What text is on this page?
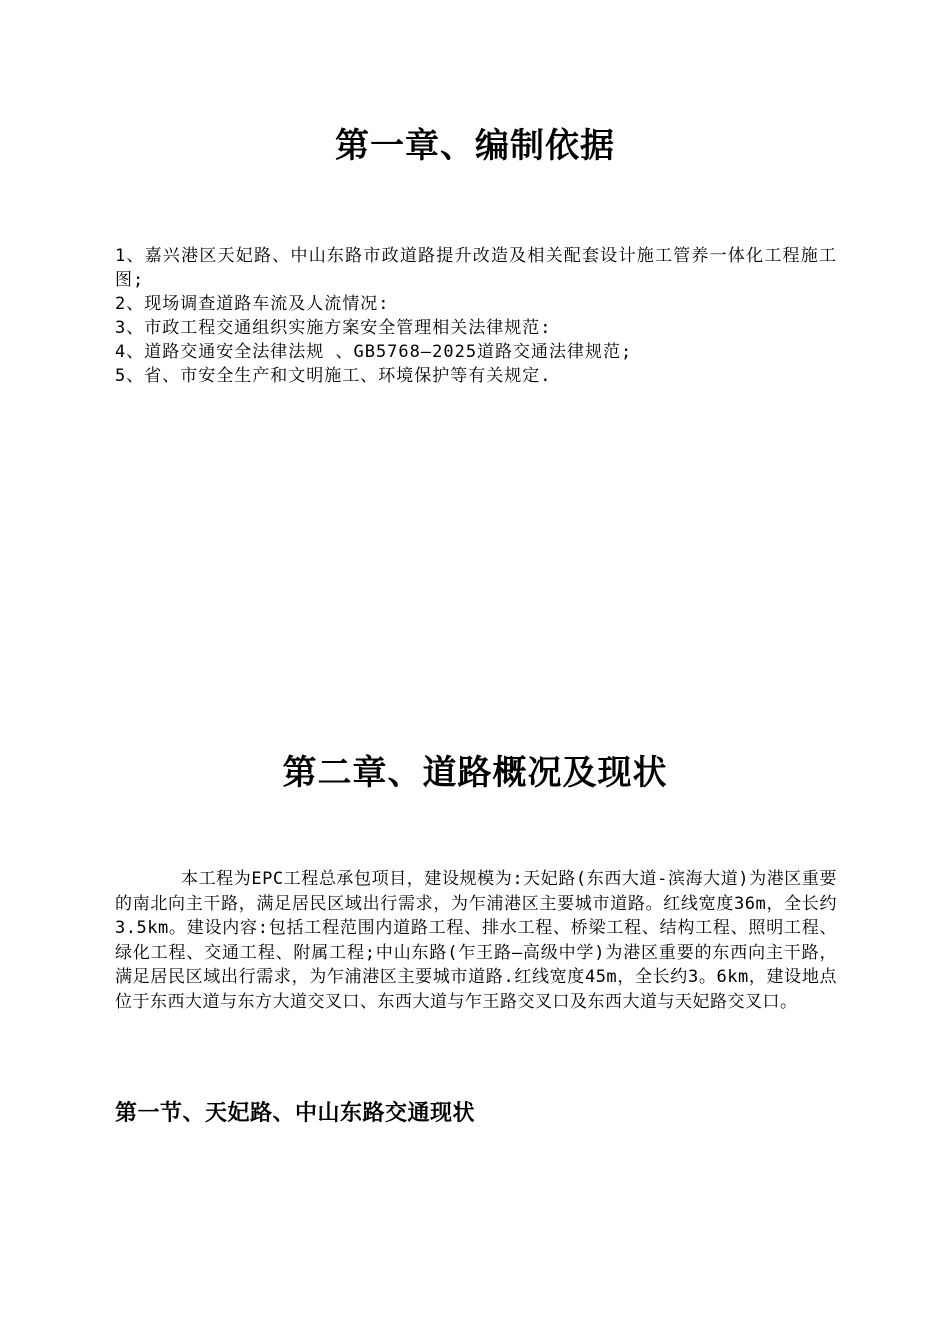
第一章、编制依据
1、嘉兴港区天妃路、中山东路市政道路提升改造及相关配套设计施工管养一体化工程施工图;
2、现场调查道路车流及人流情况:
3、市政工程交通组织实施方案安全管理相关法律规范:
4、道路交通安全法律法规 、GB5768—2025道路交通法律规范;
5、省、市安全生产和文明施工、环境保护等有关规定.
第二章、道路概况及现状

本工程为EPC工程总承包项目，建设规模为:天妃路(东西大道-滨海大道)为港区重要的南北向主干路，满足居民区域出行需求，为乍浦港区主要城市道路。红线宽度36m，全长约3.5km。建设内容:包括工程范围内道路工程、排水工程、桥梁工程、结构工程、照明工程、绿化工程、交通工程、附属工程;中山东路(乍王路—高级中学)为港区重要的东西向主干路，满足居民区域出行需求，为乍浦港区主要城市道路.红线宽度45m，全长约3。6km，建设地点位于东西大道与东方大道交叉口、东西大道与乍王路交叉口及东西大道与天妃路交叉口。

第一节、天妃路、中山东路交通现状
